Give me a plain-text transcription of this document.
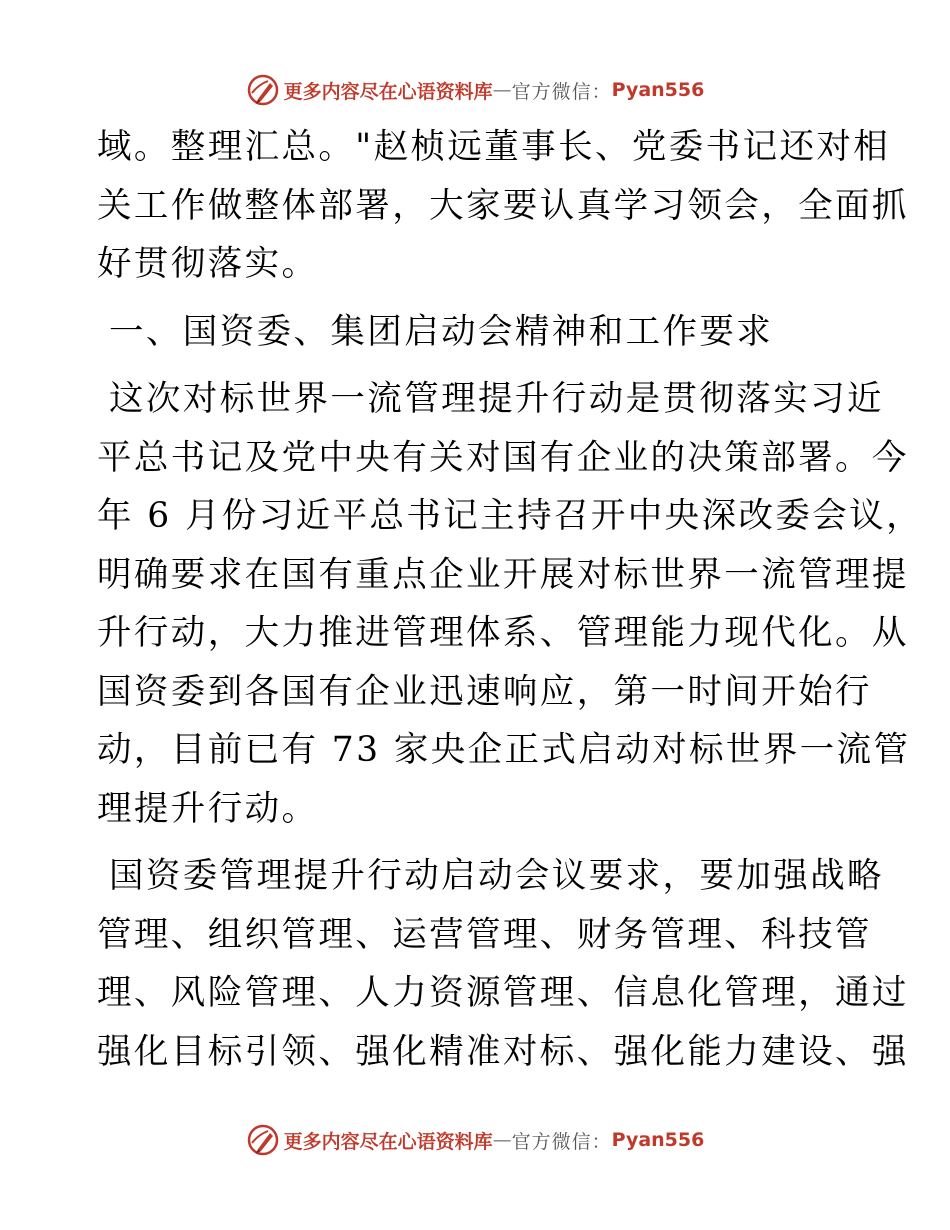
更多内容尽在心语资料库 — 官方微信： Pyan556

域。整理汇总。"赵桢远董事长、党委书记还对相
关工作做整体部署，大家要认真学习领会，全面抓
好贯彻落实。

一、国资委、集团启动会精神和工作要求

这次对标世界一流管理提升行动是贯彻落实习近
平总书记及党中央有关对国有企业的决策部署。今
年 6 月份习近平总书记主持召开中央深改委会议，
明确要求在国有重点企业开展对标世界一流管理提
升行动，大力推进管理体系、管理能力现代化。从
国资委到各国有企业迅速响应，第一时间开始行
动，目前已有 73 家央企正式启动对标世界一流管
理提升行动。

国资委管理提升行动启动会议要求，要加强战略
管理、组织管理、运营管理、财务管理、科技管
理、风险管理、人力资源管理、信息化管理，通过
强化目标引领、强化精准对标、强化能力建设、强

更多内容尽在心语资料库 — 官方微信： Pyan556
